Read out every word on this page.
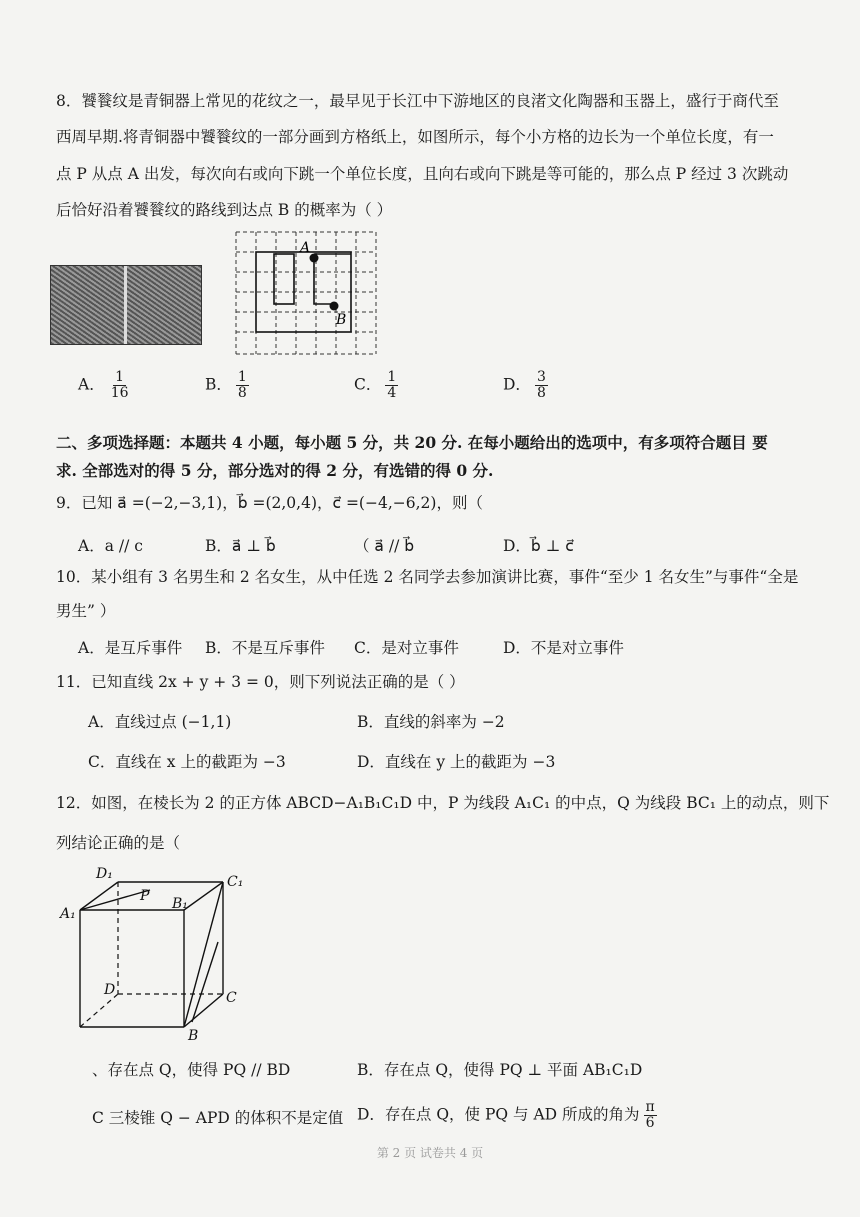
8．饕餮纹是青铜器上常见的花纹之一，最早见于长江中下游地区的良渚文化陶器和玉器上，盛行于商代至
西周早期.将青铜器中饕餮纹的一部分画到方格纸上，如图所示，每个小方格的边长为一个单位长度，有一
点 P 从点 A 出发，每次向右或向下跳一个单位长度，且向右或向下跳是等可能的，那么点 P 经过 3 次跳动
后恰好沿着饕餮纹的路线到达点 B 的概率为（ ）
A
B
A． $\frac{1}{16}$	B． $\frac{1}{8}$	C． $\frac{1}{4}$	D． $\frac{3}{8}$
二、多项选择题：本题共 4 小题，每小题 5 分，共 20 分. 在每小题给出的选项中，有多项符合题目 要
求. 全部选对的得 5 分，部分选对的得 2 分，有选错的得 0 分.
9．已知 a⃗ =(−2,−3,1)，b⃗ =(2,0,4)，c⃗ =(−4,−6,2)，则（
A．a // c	B．a⃗ ⊥ b⃗	（ a⃗ // b⃗	D．b⃗ ⊥ c⃗
10．某小组有 3 名男生和 2 名女生，从中任选 2 名同学去参加演讲比赛，事件“至少 1 名女生”与事件“全是
男生” ）
A．是互斥事件 B．不是互斥事件 C．是对立事件	D．不是对立事件
11．已知直线 2x + y + 3 = 0，则下列说法正确的是（ ）
A．直线过点 (−1,1)	B．直线的斜率为 −2
C．直线在 x 上的截距为 −3	D．直线在 y 上的截距为 −3
12．如图，在棱长为 2 的正方体 ABCD−A₁B₁C₁D 中，P 为线段 A₁C₁ 的中点，Q 为线段 BC₁ 上的动点，则下
列结论正确的是（
D₁
P B₁
C₁
A₁
D	C
B
、存在点 Q，使得 PQ // BD	B．存在点 Q，使得 PQ ⊥ 平面 AB₁C₁D
C 三棱锥 Q − APD 的体积不是定值 D．存在点 Q，使 PQ 与 AD 所成的角为 $\frac{\pi}{6}$
第 2 页 试卷共 4 页
